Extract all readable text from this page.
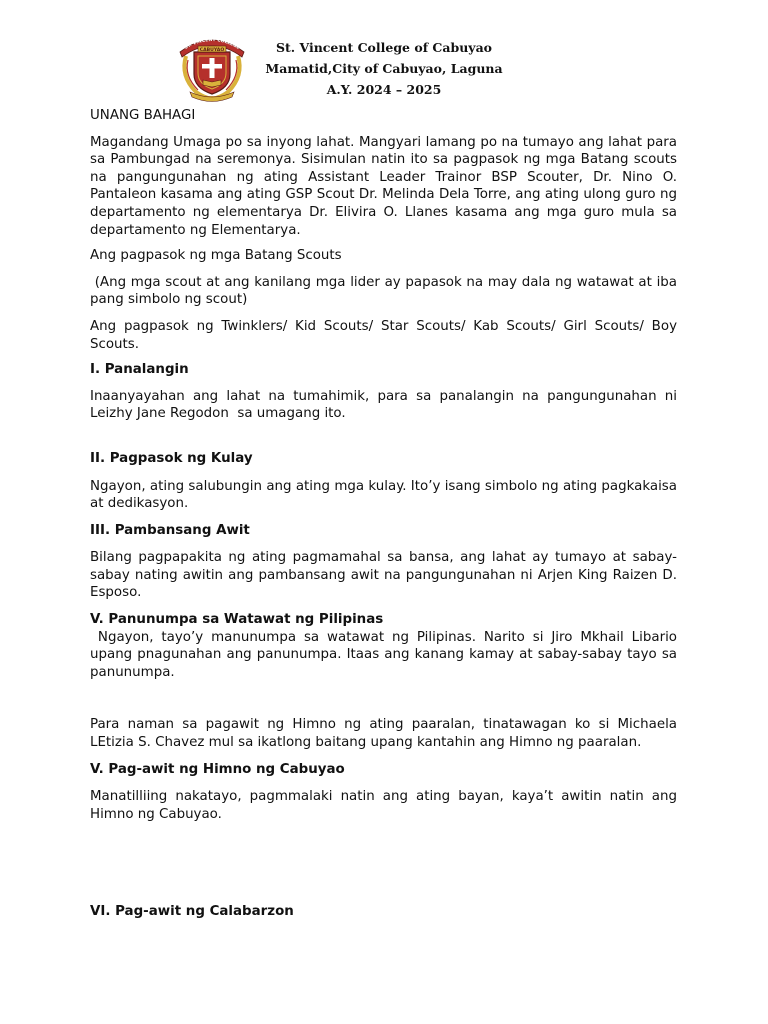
ST. VINCENT COLLEGE
CABUYAO	St. Vincent College of Cabuyao
Mamatid,City of Cabuyao, Laguna
A.Y. 2024 – 2025

UNANG BAHAGI

Magandang Umaga po sa inyong lahat. Mangyari lamang po na tumayo ang lahat para sa Pambungad na seremonya. Sisimulan natin ito sa pagpasok ng mga Batang scouts na pangungunahan ng ating Assistant Leader Trainor BSP Scouter, Dr. Nino O. Pantaleon kasama ang ating GSP Scout Dr. Melinda Dela Torre, ang ating ulong guro ng departamento ng elementarya Dr. Elivira O. Llanes kasama ang mga guro mula sa departamento ng Elementarya.

Ang pagpasok ng mga Batang Scouts

(Ang mga scout at ang kanilang mga lider ay papasok na may dala ng watawat at iba pang simbolo ng scout)

Ang pagpasok ng Twinklers/ Kid Scouts/ Star Scouts/ Kab Scouts/ Girl Scouts/ Boy Scouts.

I. Panalangin

Inaanyayahan ang lahat na tumahimik, para sa panalangin na pangungunahan ni Leizhy Jane Regodon  sa umagang ito.

II. Pagpasok ng Kulay

Ngayon, ating salubungin ang ating mga kulay. Ito’y isang simbolo ng ating pagkakaisa at dedikasyon.

III. Pambansang Awit

Bilang pagpapakita ng ating pagmamahal sa bansa, ang lahat ay tumayo at sabay-sabay nating awitin ang pambansang awit na pangungunahan ni Arjen King Raizen D. Esposo.

V. Panunumpa sa Watawat ng Pilipinas

Ngayon, tayo’y manunumpa sa watawat ng Pilipinas. Narito si Jiro Mkhail Libario upang pnagunahan ang panunumpa. Itaas ang kanang kamay at sabay-sabay tayo sa panunumpa.

Para naman sa pagawit ng Himno ng ating paaralan, tinatawagan ko si Michaela LEtizia S. Chavez mul sa ikatlong baitang upang kantahin ang Himno ng paaralan.

V. Pag-awit ng Himno ng Cabuyao

Manatilliing nakatayo, pagmmalaki natin ang ating bayan, kaya’t awitin natin ang Himno ng Cabuyao.

VI. Pag-awit ng Calabarzon
